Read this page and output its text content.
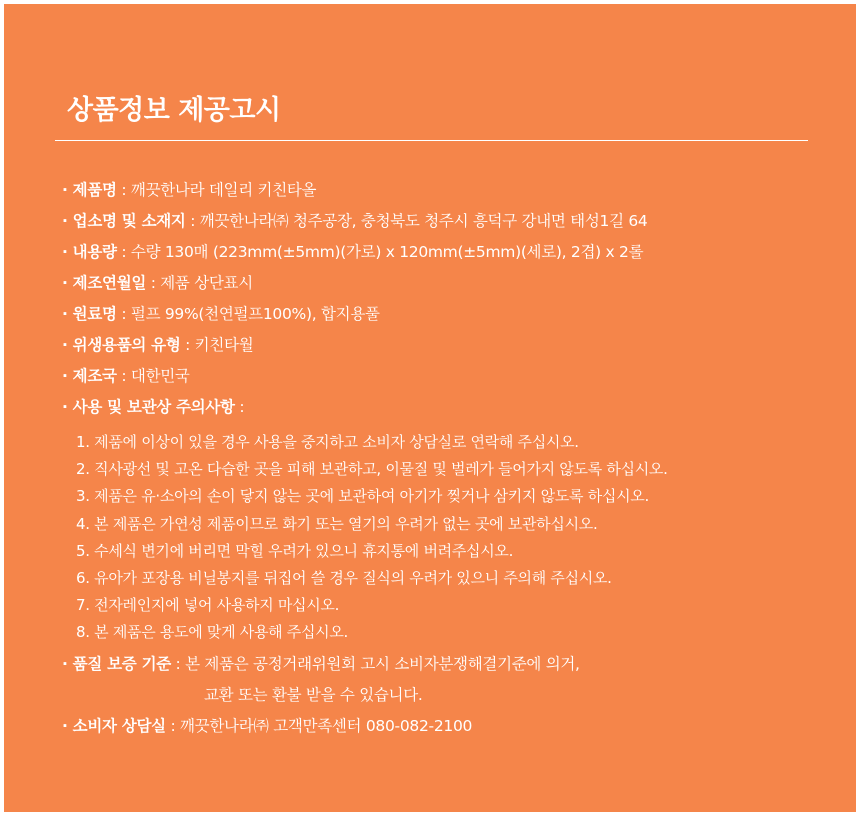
상품정보 제공고시
· 제품명 : 깨끗한나라 데일리 키친타올
· 업소명 및 소재지 : 깨끗한나라㈜ 청주공장, 충청북도 청주시 흥덕구 강내면 태성1길 64
· 내용량 : 수량 130매 (223mm(±5mm)(가로) x 120mm(±5mm)(세로), 2겹) x 2롤
· 제조연월일 : 제품 상단표시
· 원료명 : 펄프 99%(천연펄프100%), 합지용풀
· 위생용품의 유형 : 키친타월
· 제조국 : 대한민국
· 사용 및 보관상 주의사항 :
1. 제품에 이상이 있을 경우 사용을 중지하고 소비자 상담실로 연락해 주십시오.
2. 직사광선 및 고온 다습한 곳을 피해 보관하고, 이물질 및 벌레가 들어가지 않도록 하십시오.
3. 제품은 유·소아의 손이 닿지 않는 곳에 보관하여 아기가 찢거나 삼키지 않도록 하십시오.
4. 본 제품은 가연성 제품이므로 화기 또는 열기의 우려가 없는 곳에 보관하십시오.
5. 수세식 변기에 버리면 막힐 우려가 있으니 휴지통에 버려주십시오.
6. 유아가 포장용 비닐봉지를 뒤집어 쓸 경우 질식의 우려가 있으니 주의해 주십시오.
7. 전자레인지에 넣어 사용하지 마십시오.
8. 본 제품은 용도에 맞게 사용해 주십시오.
· 품질 보증 기준 : 본 제품은 공정거래위원회 고시 소비자분쟁해결기준에 의거,
교환 또는 환불 받을 수 있습니다.
· 소비자 상담실 : 깨끗한나라㈜ 고객만족센터 080-082-2100
